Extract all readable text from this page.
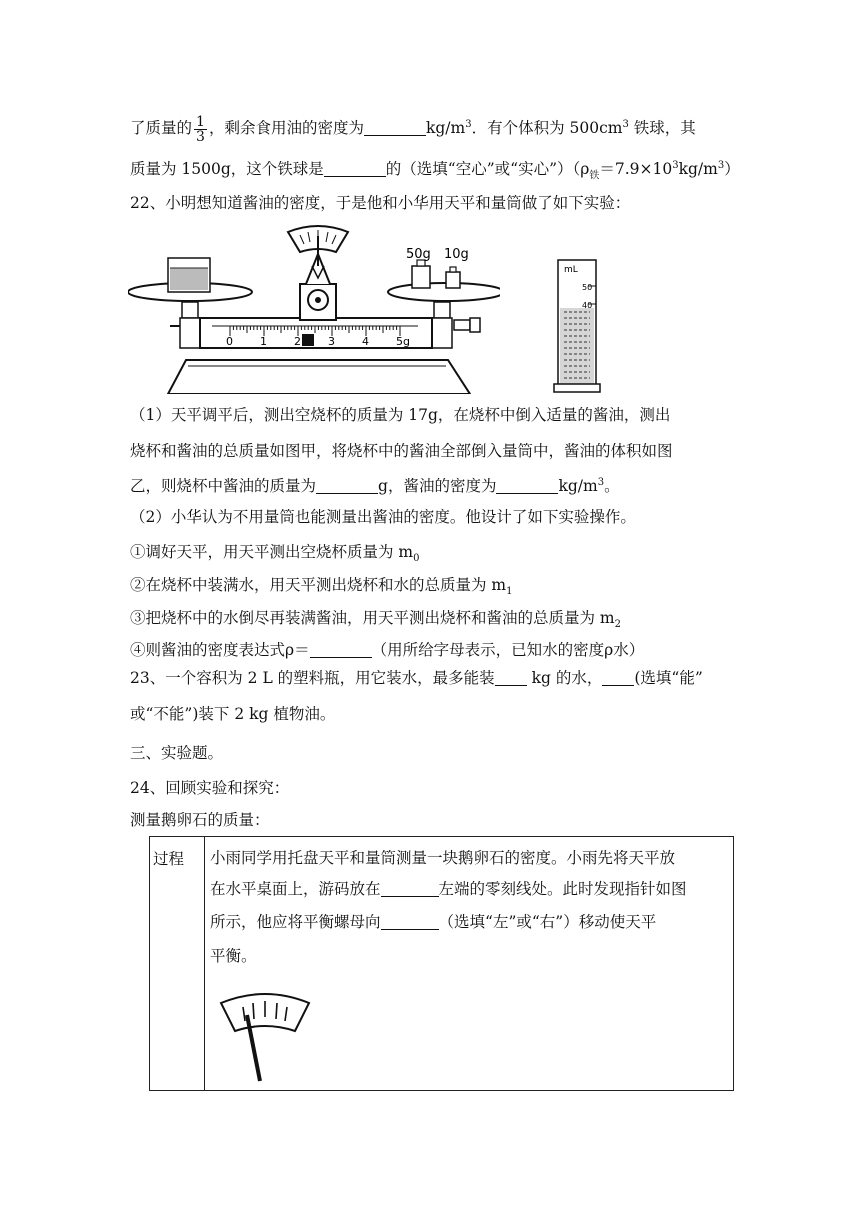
了质量的 $\frac{1}{3}$ ，剩余食用油的密度为	$kg/m^3$．有个体积为 $500cm^3$ 铁球，其
质量为 1500g，这个铁球是	的（选填“空心”或“实心$”)(\rho_铁=7.9\times 10^3kg/m^3)$
22、小明想知道酱油的密度，于是他和小华用天平和量筒做了如下实验：
50g 10g
0 1 2 3 4 5g
mL
50
40
（1）天平调平后，测出空烧杯的质量为 17g，在烧杯中倒入适量的酱油，测出
烧杯和酱油的总质量如图甲，将烧杯中的酱油全部倒入量筒中，酱油的体积如图
乙，则烧杯中酱油的质量为	g，酱油的密度为	$kg/m^3$。
（2）小华认为不用量筒也能测量出酱油的密度。他设计了如下实验操作。
①调好天平，用天平测出空烧杯质量为 $m_0$
②在烧杯中装满水，用天平测出烧杯和水的总质量为 $m_1$
③把烧杯中的水倒尽再装满酱油，用天平测出烧杯和酱油的总质量为 $m_2$
④则酱油的密度表达式ρ＝	（用所给字母表示，已知水的密度ρ水）
23、一个容积为 2 L 的塑料瓶，用它装水，最多能装 kg 的水， (选填“能”
或“不能”)装下 2 kg 植物油。
三、实验题。
24、回顾实验和探究：
测量鹅卵石的质量：
过程	小雨同学用托盘天平和量筒测量一块鹅卵石的密度。小雨先将天平放
在水平桌面上，游码放在	左端的零刻线处。此时发现指针如图
所示，他应将平衡螺母向	（选填“左”或“右”）移动使天平
平衡。
